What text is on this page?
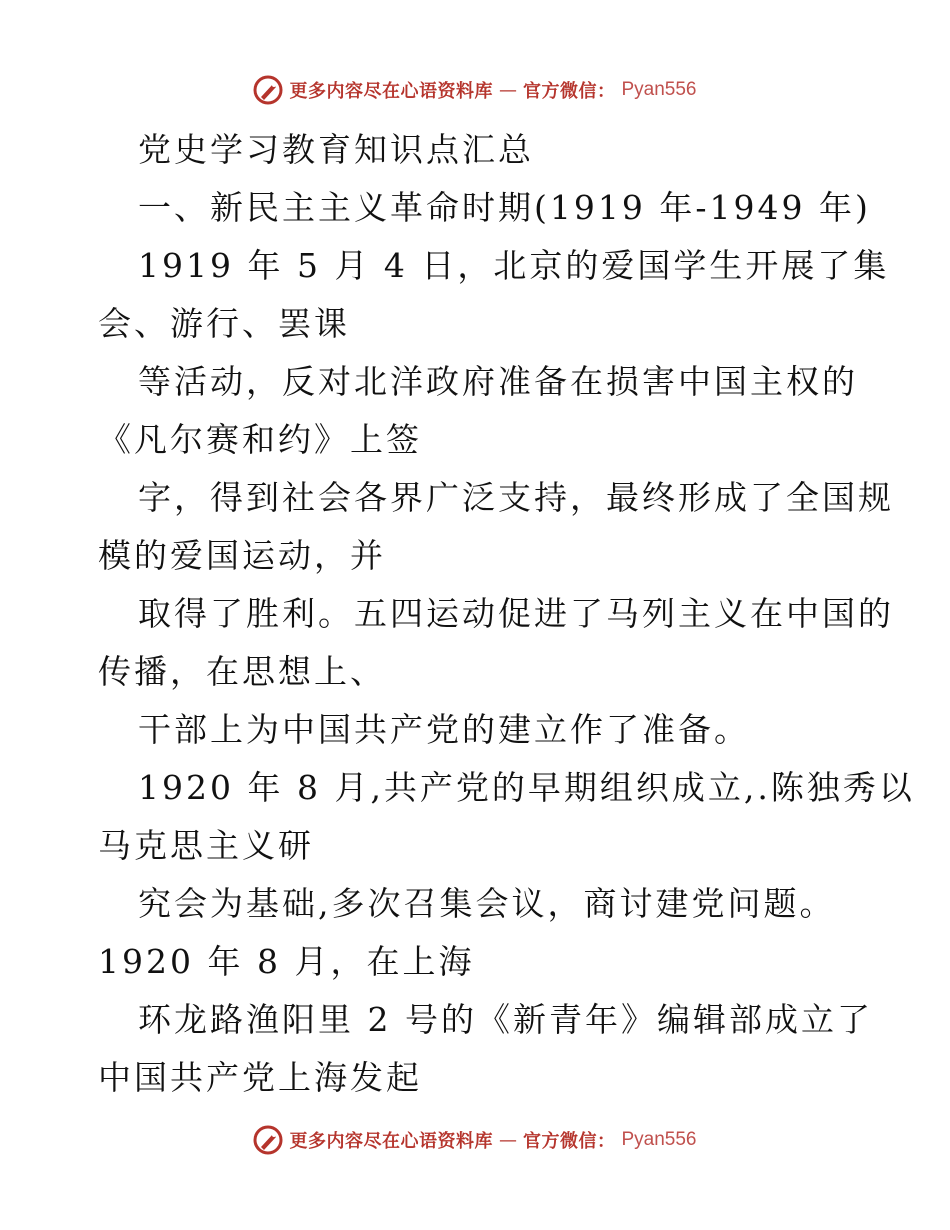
更多内容尽在心语资料库 — 官方微信： Pyan556
党史学习教育知识点汇总
一、新民主主义革命时期(1919 年-1949 年)
1919 年 5 月 4 日，北京的爱国学生开展了集
会、游行、罢课
等活动，反对北洋政府准备在损害中国主权的
《凡尔赛和约》上签
字，得到社会各界广泛支持，最终形成了全国规
模的爱国运动，并
取得了胜利。五四运动促进了马列主义在中国的
传播，在思想上、
干部上为中国共产党的建立作了准备。
1920 年 8 月,共产党的早期组织成立,.陈独秀以
马克思主义研
究会为基础,多次召集会议，商讨建党问题。
1920 年 8 月，在上海
环龙路渔阳里 2 号的《新青年》编辑部成立了
中国共产党上海发起
更多内容尽在心语资料库 — 官方微信： Pyan556
